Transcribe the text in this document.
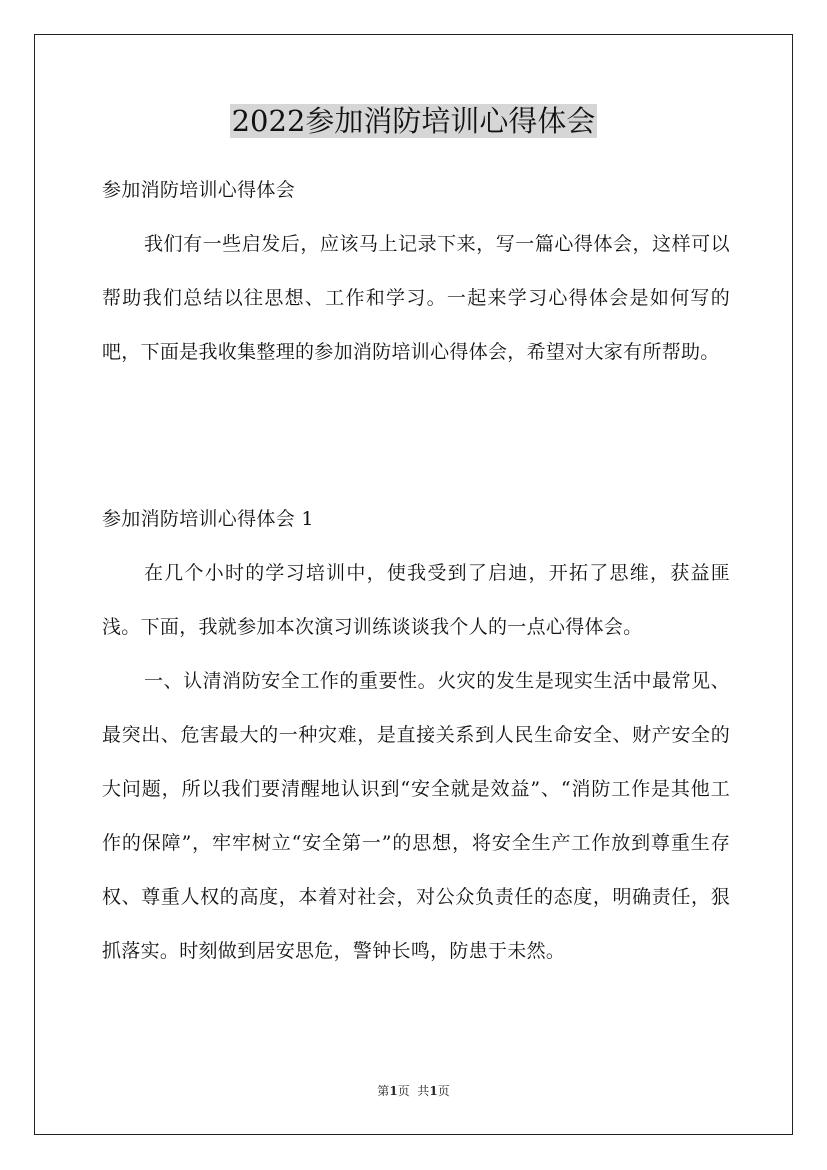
2022参加消防培训心得体会

参加消防培训心得体会

我们有一些启发后，应该马上记录下来，写一篇心得体会，这样可以帮助我们总结以往思想、工作和学习。一起来学习心得体会是如何写的吧，下面是我收集整理的参加消防培训心得体会，希望对大家有所帮助。

参加消防培训心得体会 1

在几个小时的学习培训中，使我受到了启迪，开拓了思维，获益匪浅。下面，我就参加本次演习训练谈谈我个人的一点心得体会。

一、认清消防安全工作的重要性。火灾的发生是现实生活中最常见、最突出、危害最大的一种灾难，是直接关系到人民生命安全、财产安全的大问题，所以我们要清醒地认识到“安全就是效益”、“消防工作是其他工作的保障”，牢牢树立“安全第一”的思想，将安全生产工作放到尊重生存权、尊重人权的高度，本着对社会，对公众负责任的态度，明确责任，狠抓落实。时刻做到居安思危，警钟长鸣，防患于未然。

第1页  共1页
